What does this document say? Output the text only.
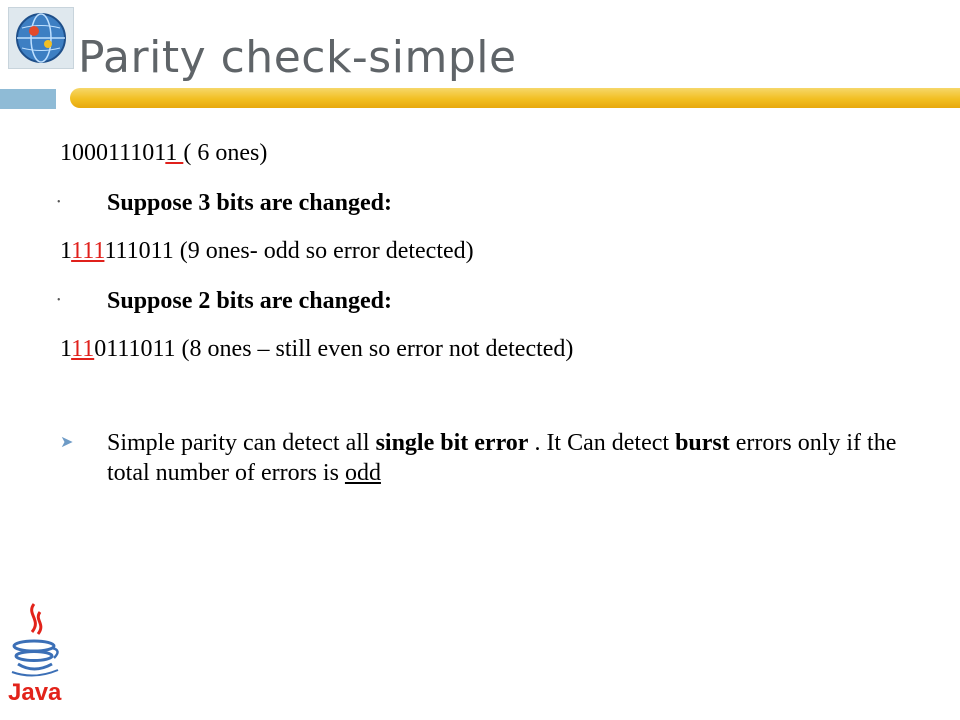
Parity check-simple
1000111011 ( 6 ones)
• Suppose 3 bits are changed:
1111111011 (9 ones- odd so error detected)
• Suppose 2 bits are changed:
1110111011 (8 ones – still even so error not detected)
➤ Simple parity can detect all single bit error . It Can detect burst errors only if the total number of errors is odd
Java
